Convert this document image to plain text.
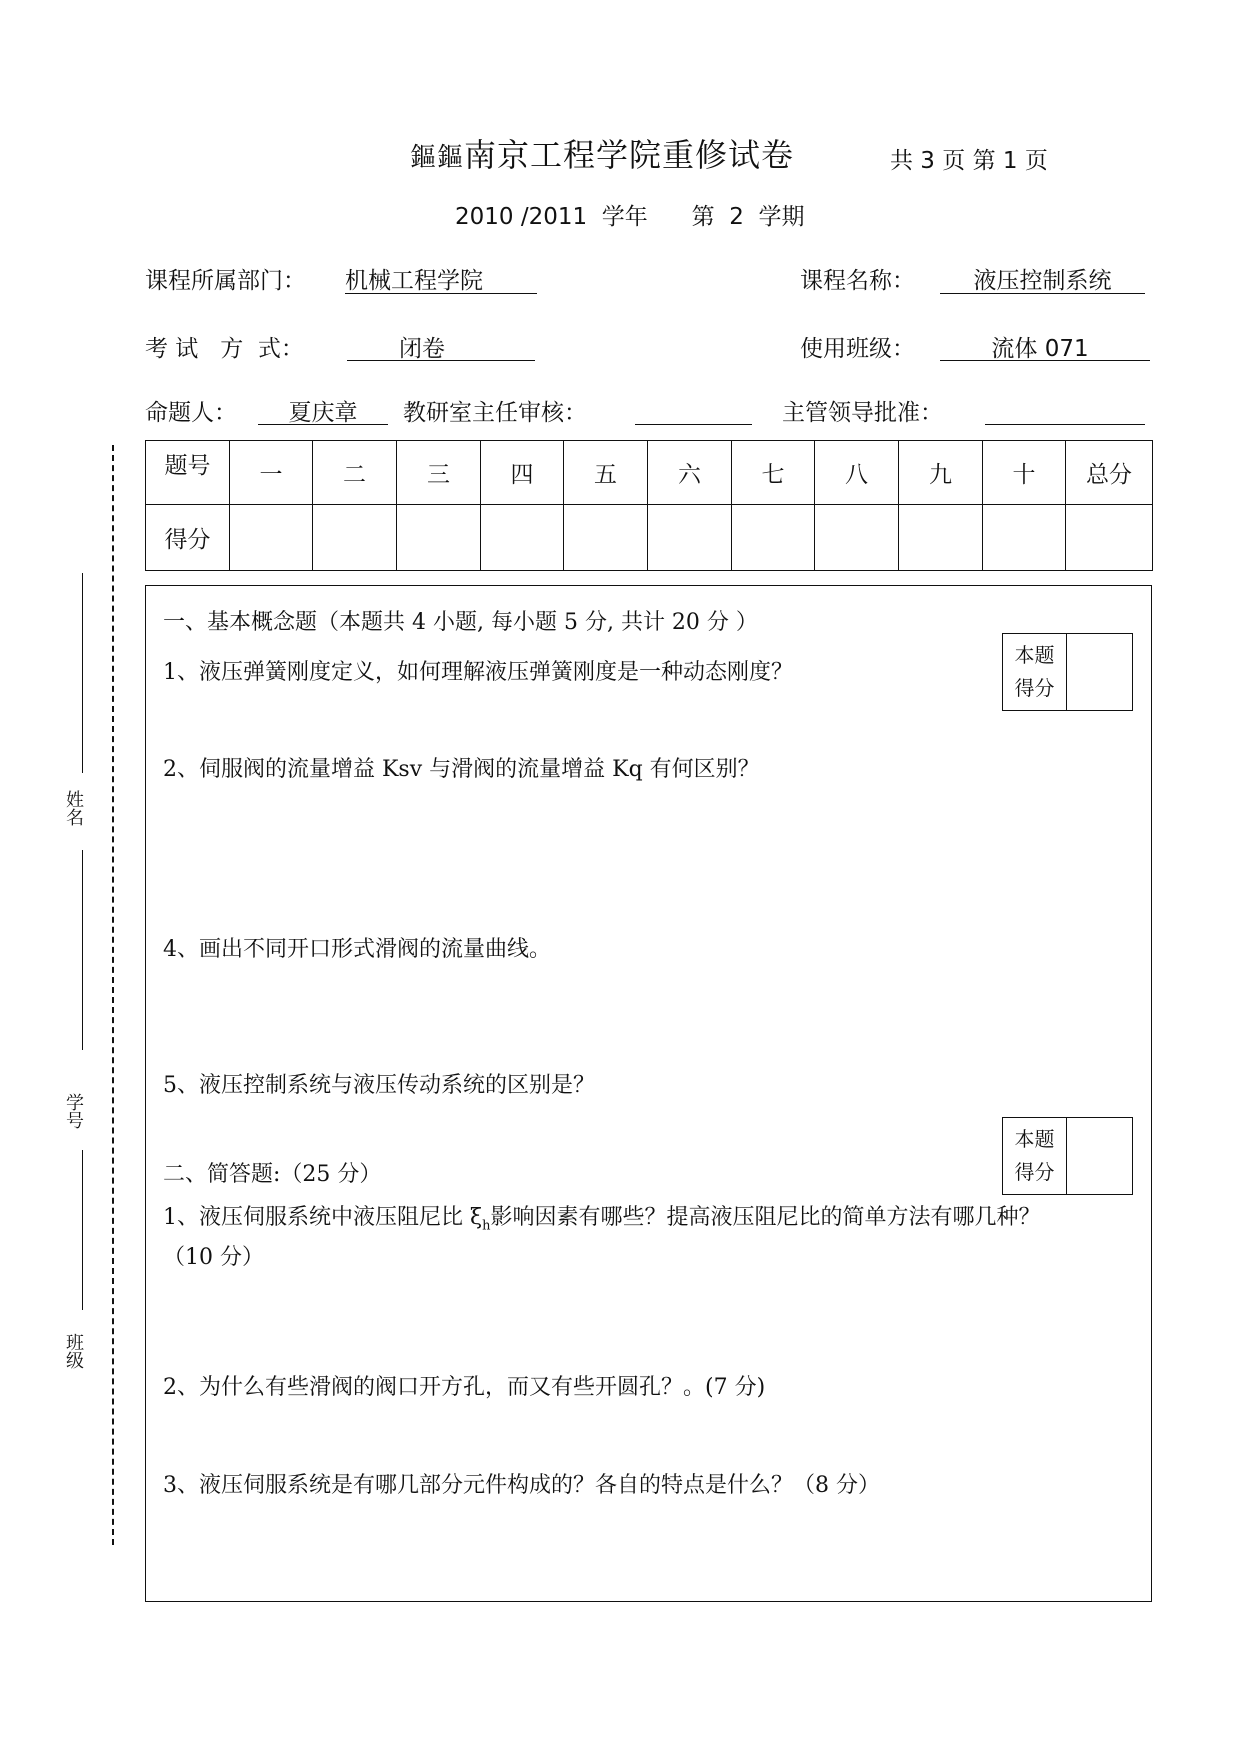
鏂鏂南京工程学院重修试卷	共 3 页 第 1 页
2010 /2011  学年      第  2  学期
课程所属部门： 机械工程学院	课程名称：	液压控制系统
考 试   方  式：	闭卷	使用班级：	流体 071
命题人：	夏庆章	教研室主任审核：	主管领导批准：
题号	一	二	三	四	五	六	七	八	九	十	总分
得分											
姓名
学号
班级
一、基本概念题（本题共 4 小题, 每小题 5 分, 共计 20 分 ）
本题
得分
1、液压弹簧刚度定义，如何理解液压弹簧刚度是一种动态刚度？
2、伺服阀的流量增益 Ksv 与滑阀的流量增益 Kq 有何区别？
4、画出不同开口形式滑阀的流量曲线。
5、液压控制系统与液压传动系统的区别是？
本题
得分
二、简答题:（25 分）
1、液压伺服系统中液压阻尼比 $\xi_h$影响因素有哪些？提高液压阻尼比的简单方法有哪几种？
（10 分）
2、为什么有些滑阀的阀口开方孔，而又有些开圆孔？。(7 分)
3、液压伺服系统是有哪几部分元件构成的？各自的特点是什么？（8 分）
